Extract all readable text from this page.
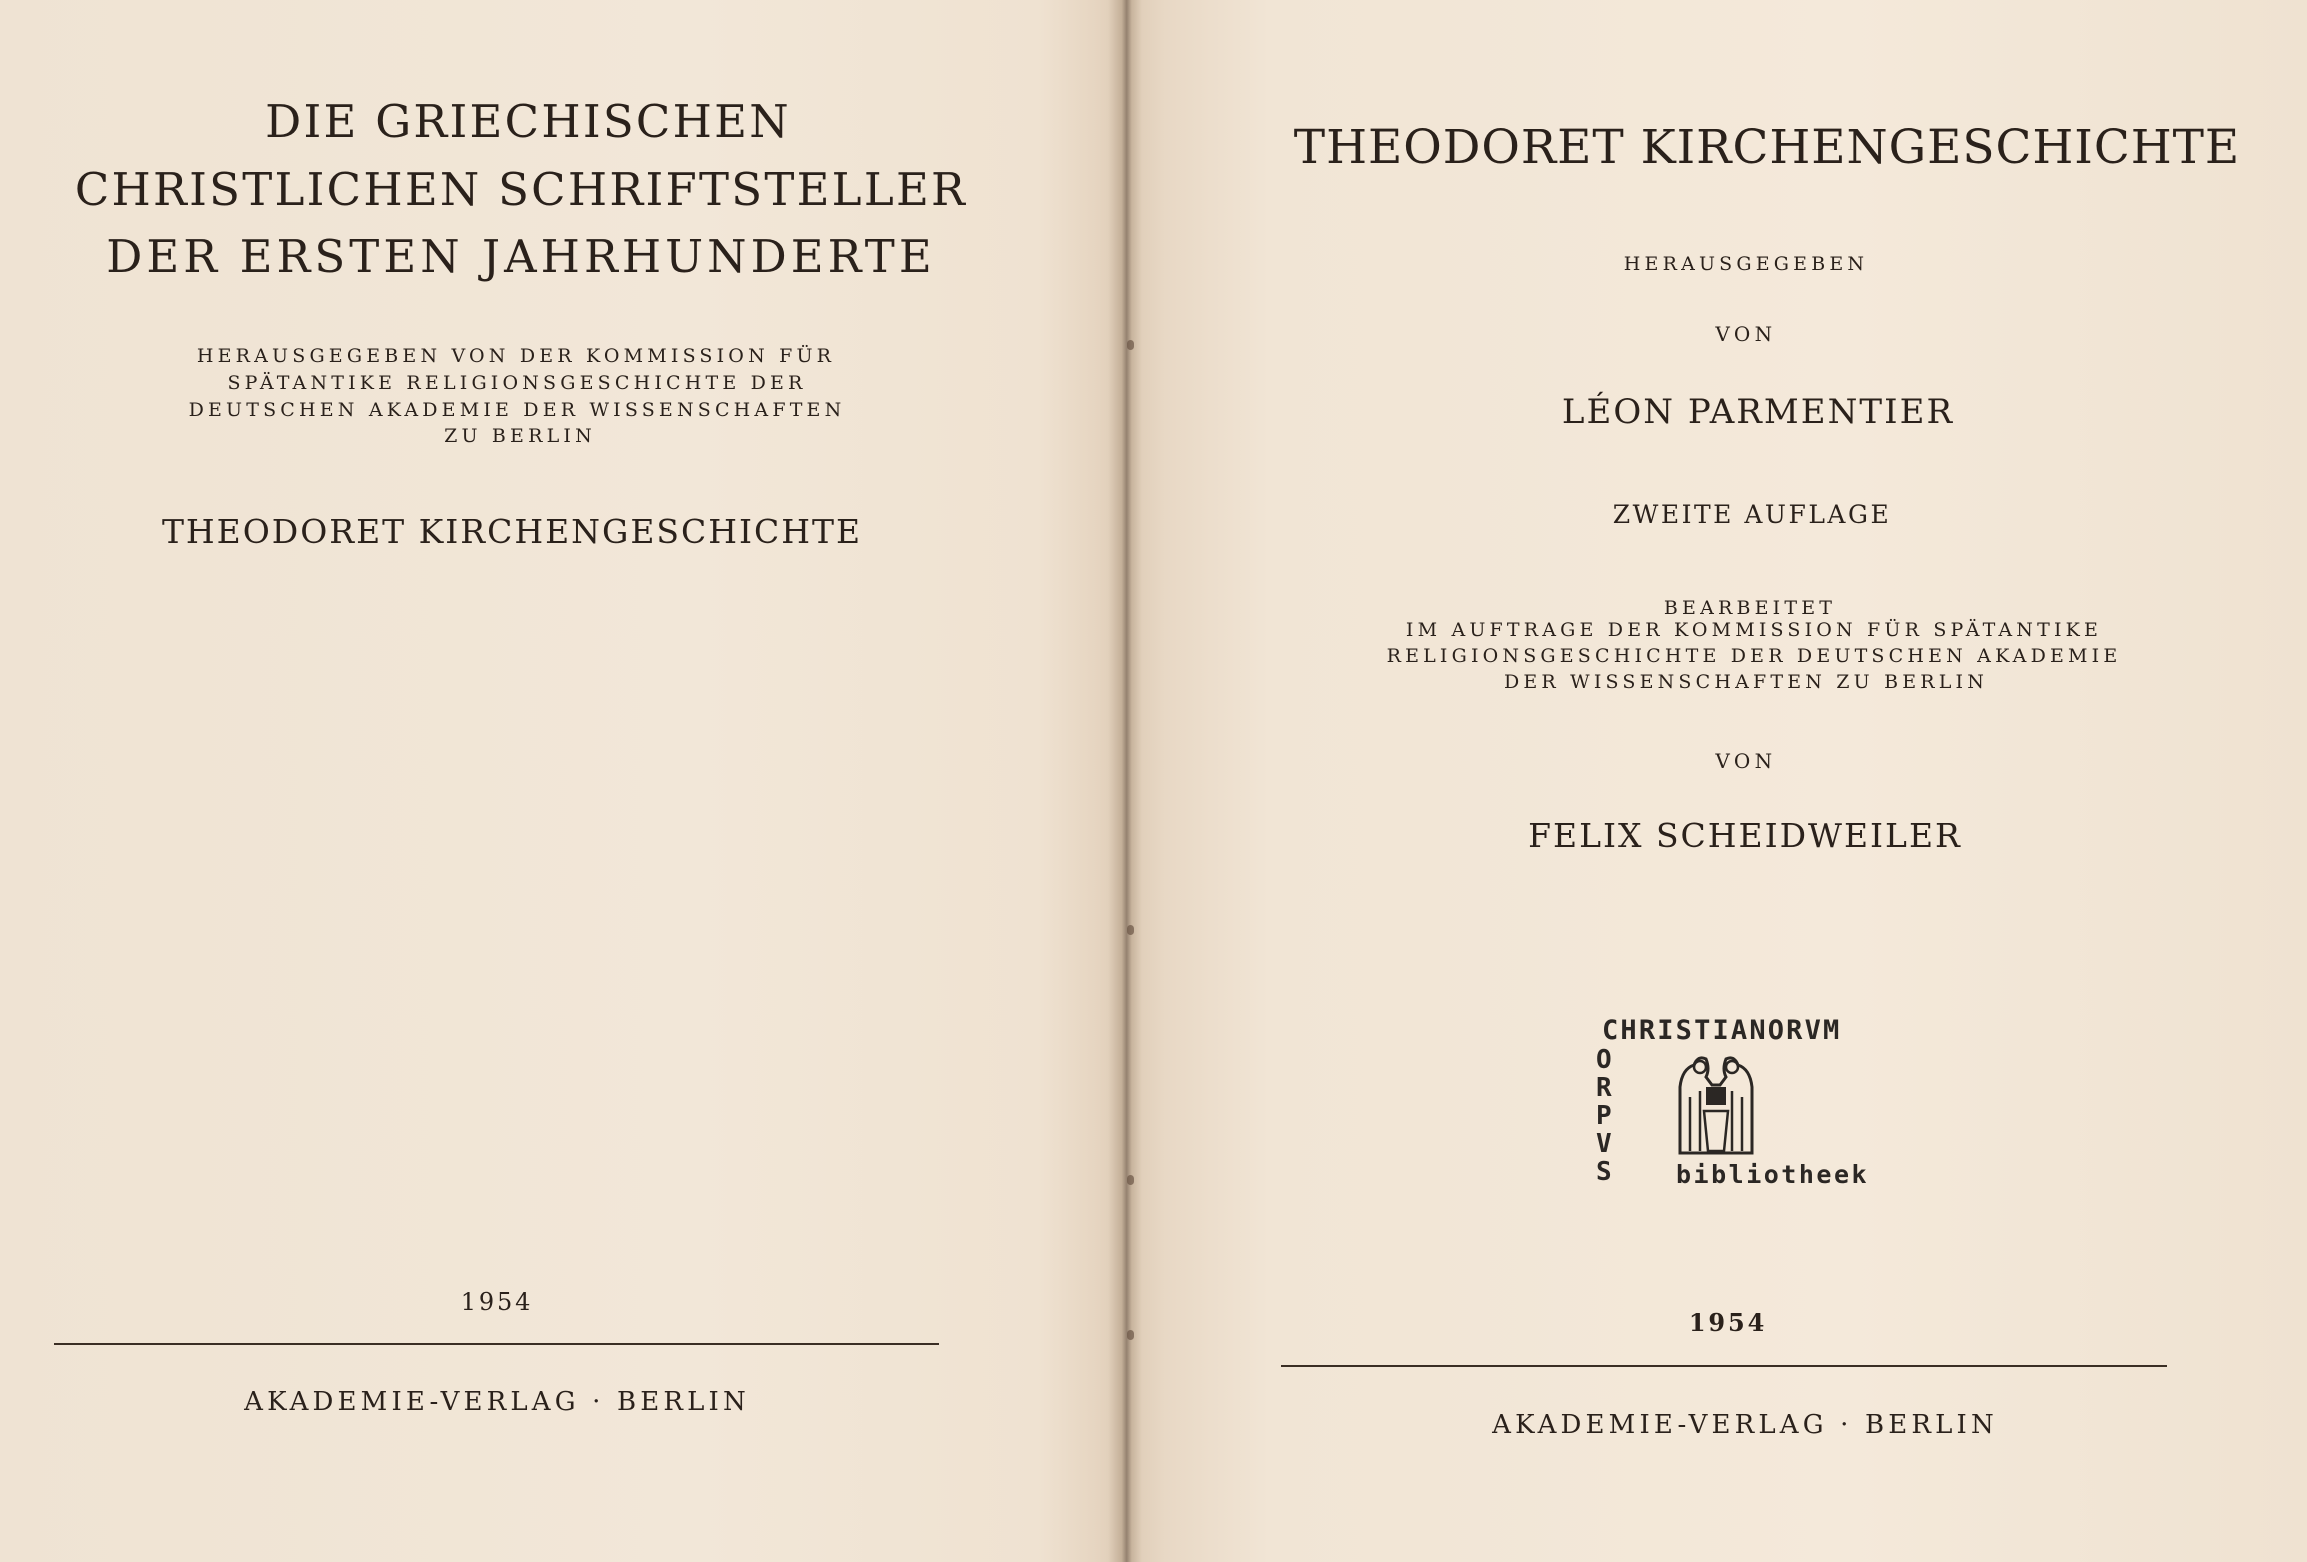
DIE GRIECHISCHEN
CHRISTLICHEN SCHRIFTSTELLER
DER ERSTEN JAHRHUNDERTE
HERAUSGEGEBEN VON DER KOMMISSION FÜR
SPÄTANTIKE RELIGIONSGESCHICHTE DER
DEUTSCHEN AKADEMIE DER WISSENSCHAFTEN
ZU BERLIN
THEODORET KIRCHENGESCHICHTE
1954
AKADEMIE-VERLAG · BERLIN
THEODORET KIRCHENGESCHICHTE
HERAUSGEGEBEN
VON
LÉON PARMENTIER
ZWEITE AUFLAGE
BEARBEITET
IM AUFTRAGE DER KOMMISSION FÜR SPÄTANTIKE
RELIGIONSGESCHICHTE DER DEUTSCHEN AKADEMIE
DER WISSENSCHAFTEN ZU BERLIN
VON
FELIX SCHEIDWEILER
1954
AKADEMIE-VERLAG · BERLIN
CHRISTIANORVM
O
R
P
V
S	bibliotheek
